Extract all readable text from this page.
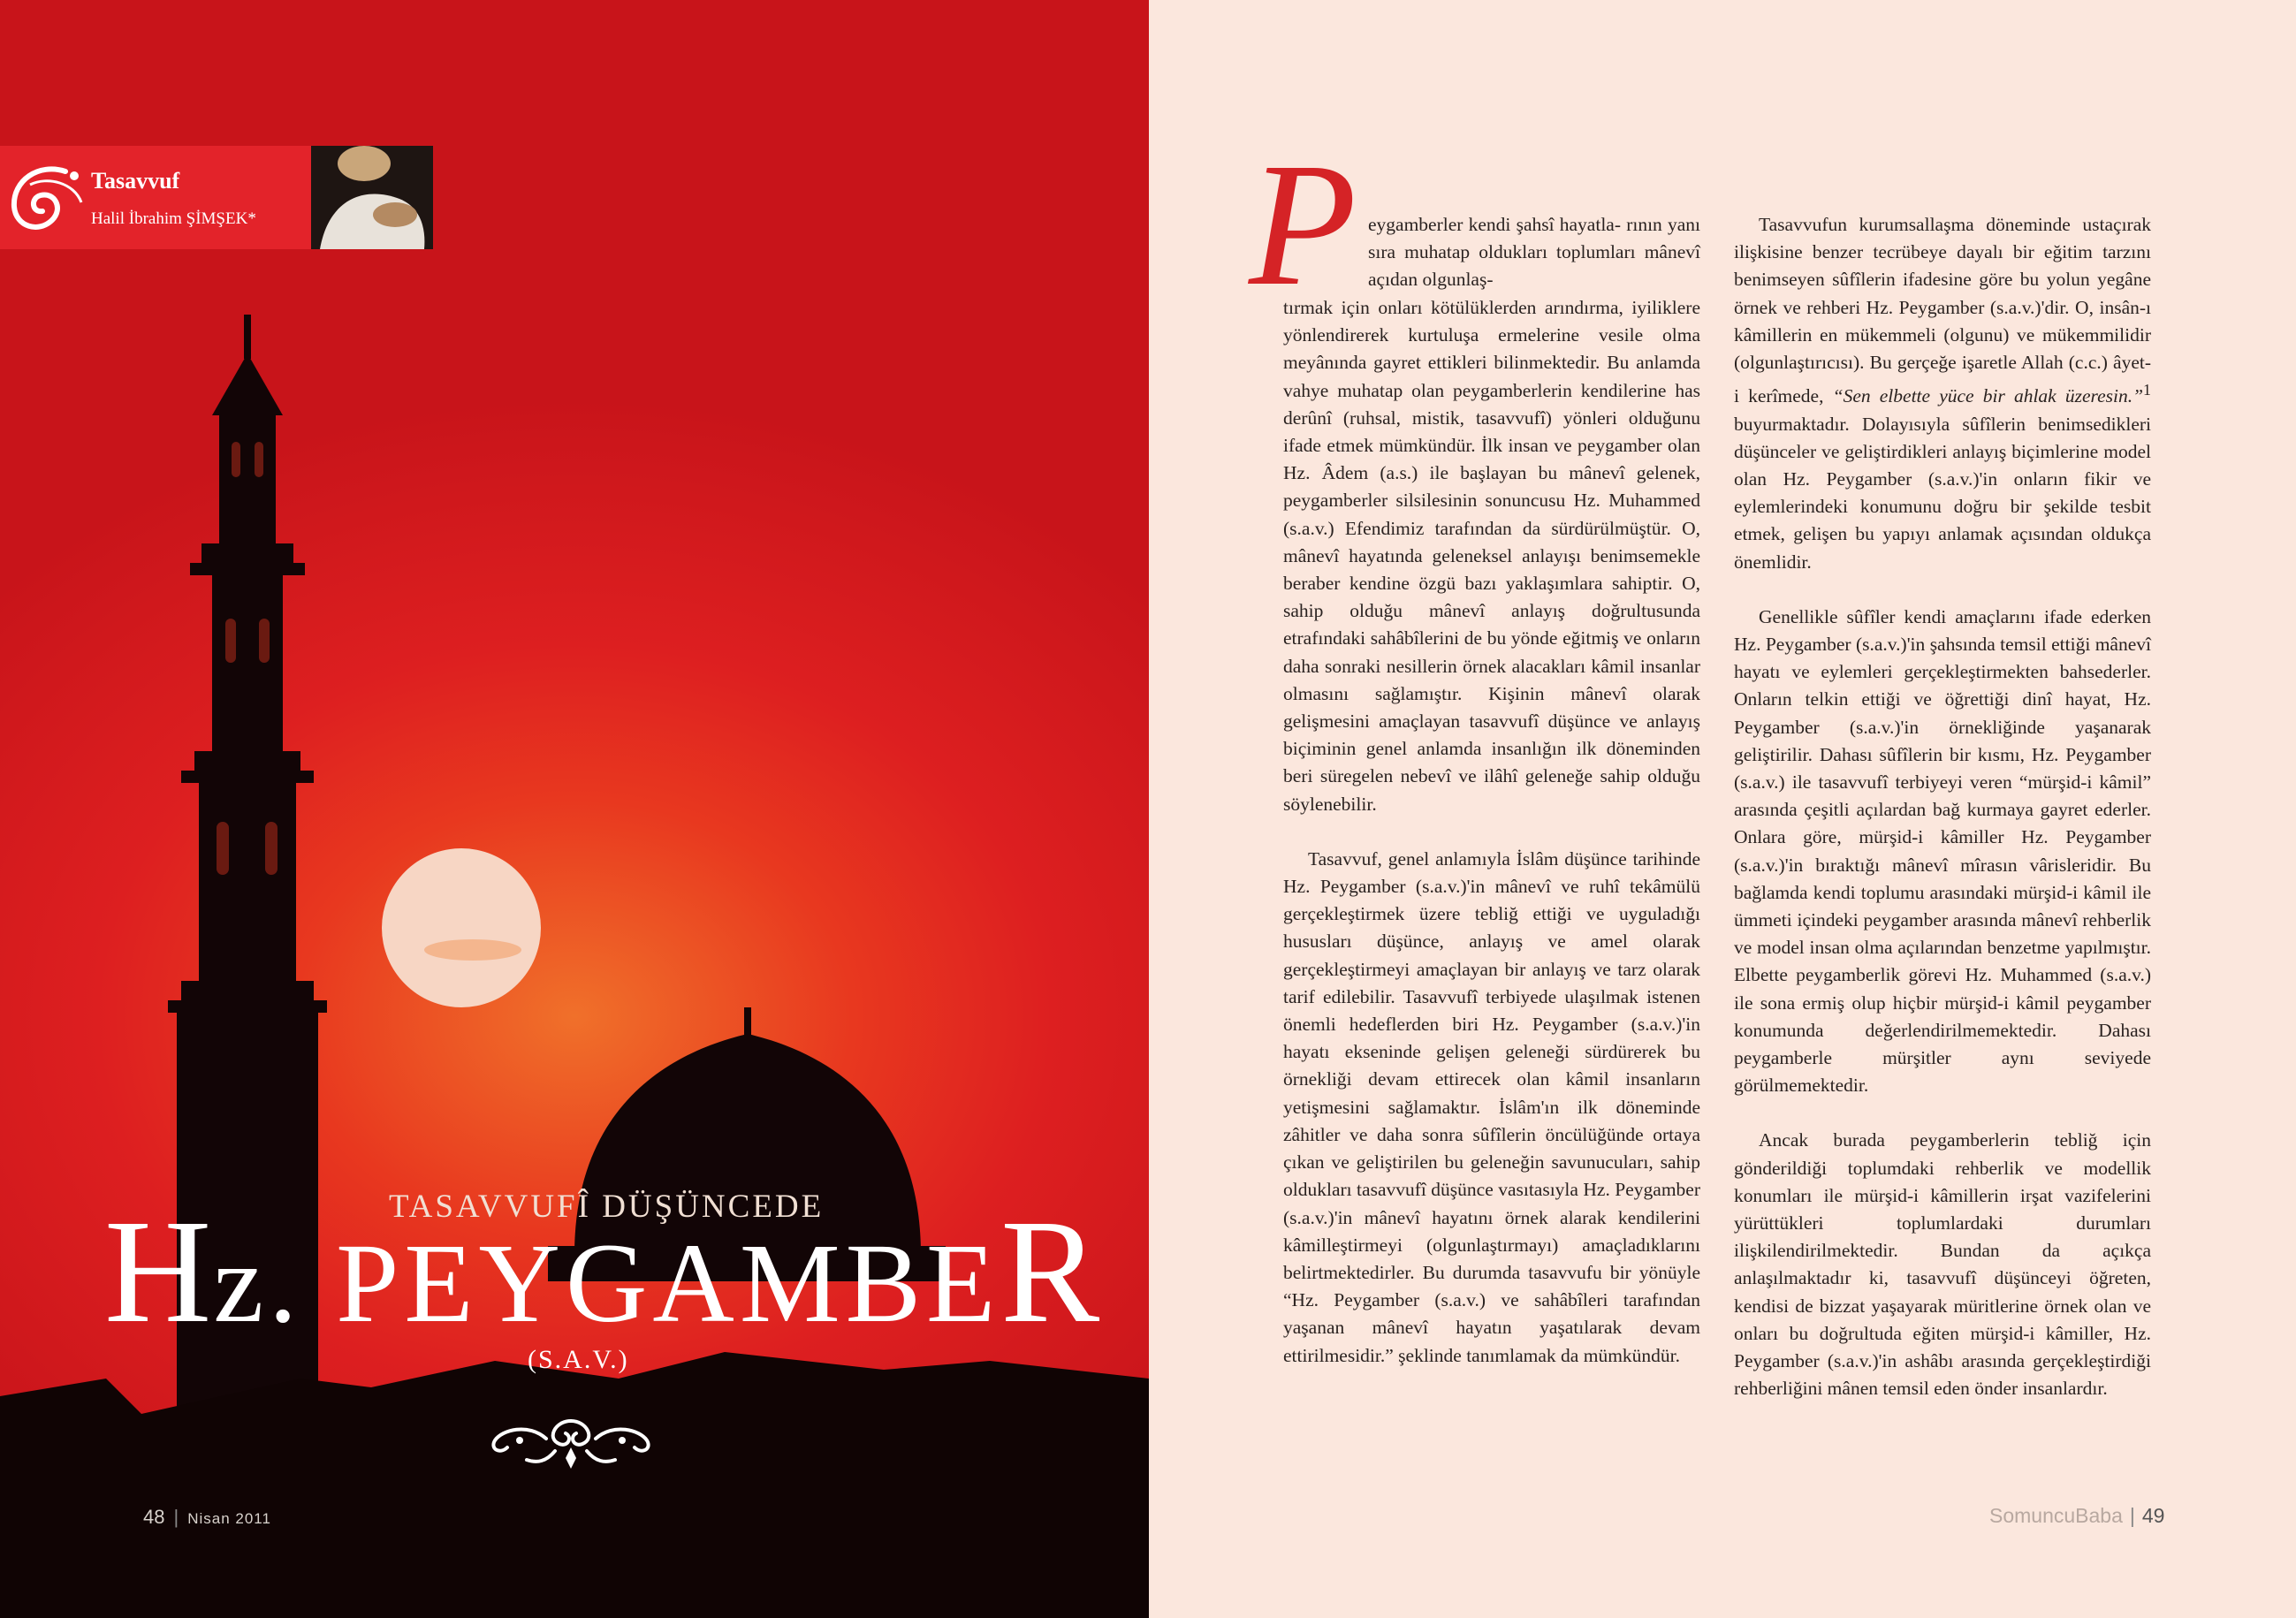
Tasavvuf
Halil İbrahim ŞİMŞEK*
TASAVVUFÎ DÜŞÜNCEDE
Hz. PEYGAMBER
(S.A.V.)
48 | Nisan 2011
P eygamberler kendi şahsî hayatla- rının yanı sıra muhatap oldukları toplumları mânevî açıdan olgunlaş-

tırmak için onları kötülüklerden arındırma, iyiliklere yönlendirerek kurtuluşa ermelerine vesile olma meyânında gayret ettikleri bilinmektedir. Bu anlamda vahye muhatap olan peygamberlerin kendilerine has derûnî (ruhsal, mistik, tasavvufî) yönleri olduğunu ifade etmek mümkündür. İlk insan ve peygamber olan Hz. Âdem (a.s.) ile başlayan bu mânevî gelenek, peygamberler silsilesinin sonuncusu Hz. Muhammed (s.a.v.) Efendimiz tarafından da sürdürülmüştür. O, mânevî hayatında geleneksel anlayışı benimsemekle beraber kendine özgü bazı yaklaşımlara sahiptir. O, sahip olduğu mânevî anlayış doğrultusunda etrafındaki sahâbîlerini de bu yönde eğitmiş ve onların daha sonraki nesillerin örnek alacakları kâmil insanlar olmasını sağlamıştır. Kişinin mânevî olarak gelişmesini amaçlayan tasavvufî düşünce ve anlayış biçiminin genel anlamda insanlığın ilk döneminden beri süregelen nebevî ve ilâhî geleneğe sahip olduğu söylenebilir.

Tasavvuf, genel anlamıyla İslâm düşünce tarihinde Hz. Peygamber (s.a.v.)'in mânevî ve ruhî tekâmülü gerçekleştirmek üzere tebliğ ettiği ve uyguladığı hususları düşünce, anlayış ve amel olarak gerçekleştirmeyi amaçlayan bir anlayış ve tarz olarak tarif edilebilir. Tasavvufî terbiyede ulaşılmak istenen önemli hedeflerden biri Hz. Peygamber (s.a.v.)'in hayatı ekseninde gelişen geleneği sürdürerek bu örnekliği devam ettirecek olan kâmil insanların yetişmesini sağlamaktır. İslâm'ın ilk döneminde zâhitler ve daha sonra sûfîlerin öncülüğünde ortaya çıkan ve geliştirilen bu geleneğin savunucuları, sahip oldukları tasavvufî düşünce vasıtasıyla Hz. Peygamber (s.a.v.)'in mânevî hayatını örnek alarak kendilerini kâmilleştirmeyi (olgunlaştırmayı) amaçladıklarını belirtmektedirler. Bu durumda tasavvufu bir yönüyle “Hz. Peygamber (s.a.v.) ve sahâbîleri tarafından yaşanan mânevî hayatın yaşatılarak devam ettirilmesidir.” şeklinde tanımlamak da mümkündür.

Tasavvufun kurumsallaşma döneminde ustaçırak ilişkisine benzer tecrübeye dayalı bir eğitim tarzını benimseyen sûfîlerin ifadesine göre bu yolun yegâne örnek ve rehberi Hz. Peygamber (s.a.v.)'dir. O, insân-ı kâmillerin en mükemmeli (olgunu) ve mükemmilidir (olgunlaştırıcısı). Bu gerçeğe işaretle Allah (c.c.) âyet-i kerîmede, “Sen elbette yüce bir ahlak üzeresin.”$^1$ buyurmaktadır. Dolayısıyla sûfîlerin benimsedikleri düşünceler ve geliştirdikleri anlayış biçimlerine model olan Hz. Peygamber (s.a.v.)'in onların fikir ve eylemlerindeki konumunu doğru bir şekilde tesbit etmek, gelişen bu yapıyı anlamak açısından oldukça önemlidir.

Genellikle sûfîler kendi amaçlarını ifade ederken Hz. Peygamber (s.a.v.)'in şahsında temsil ettiği mânevî hayatı ve eylemleri gerçekleştirmekten bahsederler. Onların telkin ettiği ve öğrettiği dinî hayat, Hz. Peygamber (s.a.v.)'in örnekliğinde yaşanarak geliştirilir. Dahası sûfîlerin bir kısmı, Hz. Peygamber (s.a.v.) ile tasavvufî terbiyeyi veren “mürşid-i kâmil” arasında çeşitli açılardan bağ kurmaya gayret ederler. Onlara göre, mürşid-i kâmiller Hz. Peygamber (s.a.v.)'in bıraktığı mânevî mîrasın vârisleridir. Bu bağlamda kendi toplumu arasındaki mürşid-i kâmil ile ümmeti içindeki peygamber arasında mânevî rehberlik ve model insan olma açılarından benzetme yapılmıştır. Elbette peygamberlik görevi Hz. Muhammed (s.a.v.) ile sona ermiş olup hiçbir mürşid-i kâmil peygamber konumunda değerlendirilmemektedir. Dahası peygamberle mürşitler aynı seviyede görülmemektedir.

Ancak burada peygamberlerin tebliğ için gönderildiği toplumdaki rehberlik ve modellik konumları ile mürşid-i kâmillerin irşat vazifelerini yürüttükleri toplumlardaki durumları ilişkilendirilmektedir. Bundan da açıkça anlaşılmaktadır ki, tasavvufî düşünceyi öğreten, kendisi de bizzat yaşayarak müritlerine örnek olan ve onları bu doğrultuda eğiten mürşid-i kâmiller, Hz. Peygamber (s.a.v.)'in ashâbı arasında gerçekleştirdiği rehberliğini mânen temsil eden önder insanlardır.

SomuncuBaba | 49
